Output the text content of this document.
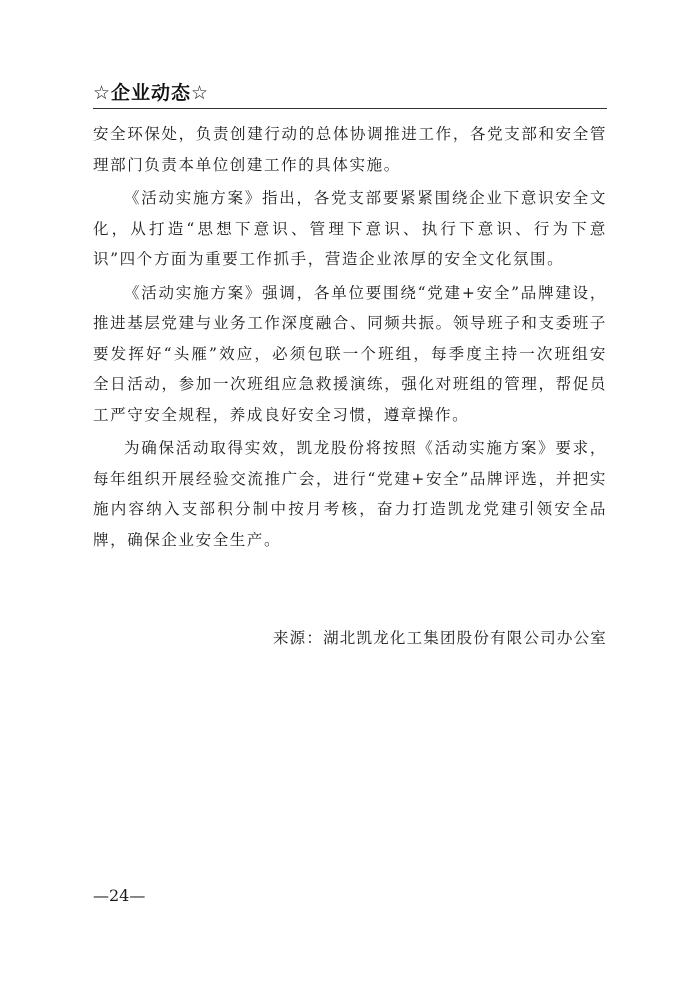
☆企业动态☆

安全环保处，负责创建行动的总体协调推进工作，各党支部和安全管理部门负责本单位创建工作的具体实施。

《活动实施方案》指出，各党支部要紧紧围绕企业下意识安全文化，从打造“思想下意识、管理下意识、执行下意识、行为下意识”四个方面为重要工作抓手，营造企业浓厚的安全文化氛围。

《活动实施方案》强调，各单位要围绕“党建+安全”品牌建设，推进基层党建与业务工作深度融合、同频共振。领导班子和支委班子要发挥好“头雁”效应，必须包联一个班组，每季度主持一次班组安全日活动，参加一次班组应急救援演练，强化对班组的管理，帮促员工严守安全规程，养成良好安全习惯，遵章操作。

为确保活动取得实效，凯龙股份将按照《活动实施方案》要求，每年组织开展经验交流推广会，进行“党建+安全”品牌评选，并把实施内容纳入支部积分制中按月考核，奋力打造凯龙党建引领安全品牌，确保企业安全生产。

来源：湖北凯龙化工集团股份有限公司办公室
—24—
